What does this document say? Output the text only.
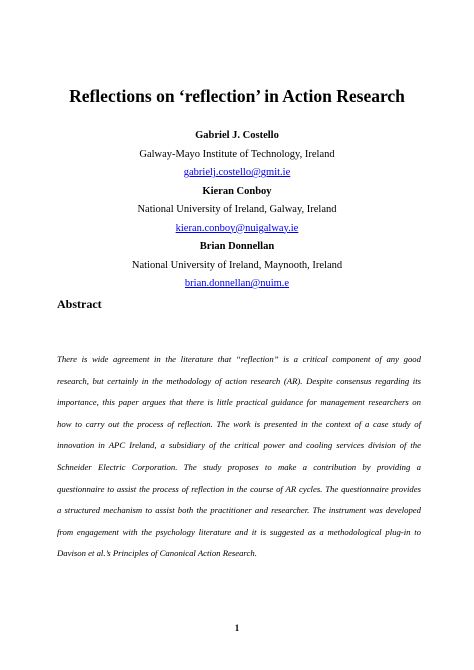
Reflections on ‘reflection’ in Action Research
Gabriel J. Costello
Galway-Mayo Institute of Technology, Ireland
gabrielj.costello@gmit.ie
Kieran Conboy
National University of Ireland, Galway, Ireland
kieran.conboy@nuigalway.ie
Brian Donnellan
National University of Ireland, Maynooth, Ireland
brian.donnellan@nuim.e
Abstract
There is wide agreement in the literature that “reflection” is a critical component of any good
research, but certainly in the methodology of action research (AR). Despite consensus regarding its
importance, this paper argues that there is little practical guidance for management researchers on
how to carry out the process of reflection. The work is presented in the context of a case study of
innovation in APC Ireland, a subsidiary of the critical power and cooling services division of the
Schneider Electric Corporation. The study proposes to make a contribution by providing a
questionnaire to assist the process of reflection in the course of AR cycles. The questionnaire provides
a structured mechanism to assist both the practitioner and researcher. The instrument was developed
from engagement with the psychology literature and it is suggested as a methodological plug-in to
Davison et al.’s Principles of Canonical Action Research.
1
